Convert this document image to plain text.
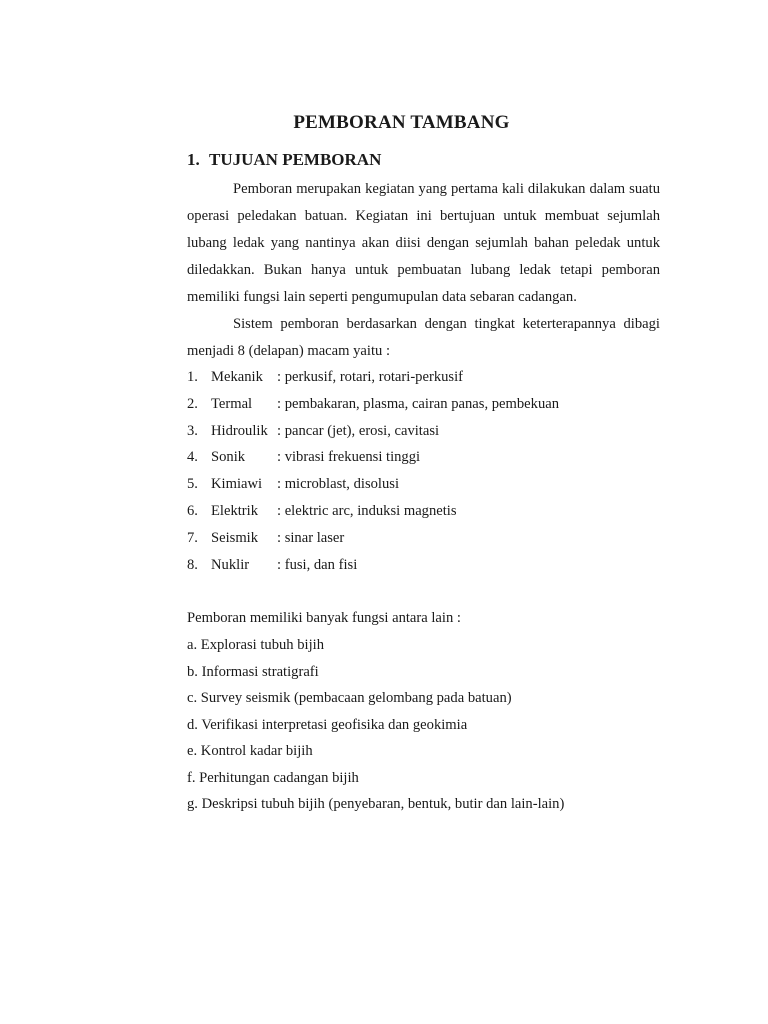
PEMBORAN TAMBANG
1. TUJUAN PEMBORAN
Pemboran merupakan kegiatan yang pertama kali dilakukan dalam suatu operasi peledakan batuan. Kegiatan ini bertujuan untuk membuat sejumlah lubang ledak yang nantinya akan diisi dengan sejumlah bahan peledak untuk diledakkan. Bukan hanya untuk pembuatan lubang ledak tetapi pemboran memiliki fungsi lain seperti pengumupulan data sebaran cadangan.
Sistem pemboran berdasarkan dengan tingkat keterterapannya dibagi menjadi 8 (delapan) macam yaitu :
1. Mekanik : perkusif, rotari, rotari-perkusif
2. Termal : pembakaran, plasma, cairan panas, pembekuan
3. Hidroulik : pancar (jet), erosi, cavitasi
4. Sonik : vibrasi frekuensi tinggi
5. Kimiawi : microblast, disolusi
6. Elektrik : elektric arc, induksi magnetis
7. Seismik : sinar laser
8. Nuklir : fusi, dan fisi
Pemboran memiliki banyak fungsi antara lain :
a. Explorasi tubuh bijih
b. Informasi stratigrafi
c. Survey seismik (pembacaan gelombang pada batuan)
d. Verifikasi interpretasi geofisika dan geokimia
e. Kontrol kadar bijih
f. Perhitungan cadangan bijih
g. Deskripsi tubuh bijih (penyebaran, bentuk, butir dan lain-lain)
